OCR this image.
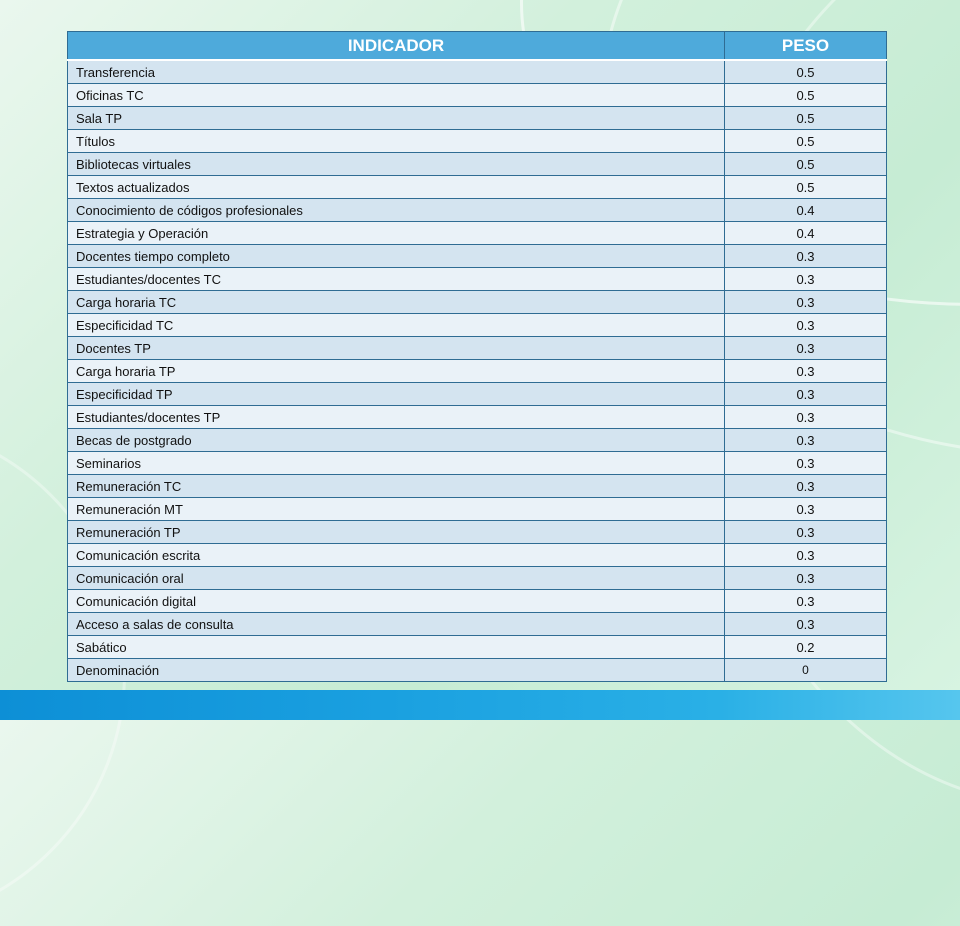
INDICADOR	PESO
Transferencia	0.5
Oficinas TC	0.5
Sala TP	0.5
Títulos	0.5
Bibliotecas virtuales	0.5
Textos actualizados	0.5
Conocimiento de códigos profesionales	0.4
Estrategia y Operación	0.4
Docentes tiempo completo	0.3
Estudiantes/docentes TC	0.3
Carga horaria TC	0.3
Especificidad TC	0.3
Docentes TP	0.3
Carga horaria TP	0.3
Especificidad TP	0.3
Estudiantes/docentes TP	0.3
Becas de postgrado	0.3
Seminarios	0.3
Remuneración TC	0.3
Remuneración MT	0.3
Remuneración TP	0.3
Comunicación escrita	0.3
Comunicación oral	0.3
Comunicación digital	0.3
Acceso a salas de consulta	0.3
Sabático	0.2
Denominación	0
